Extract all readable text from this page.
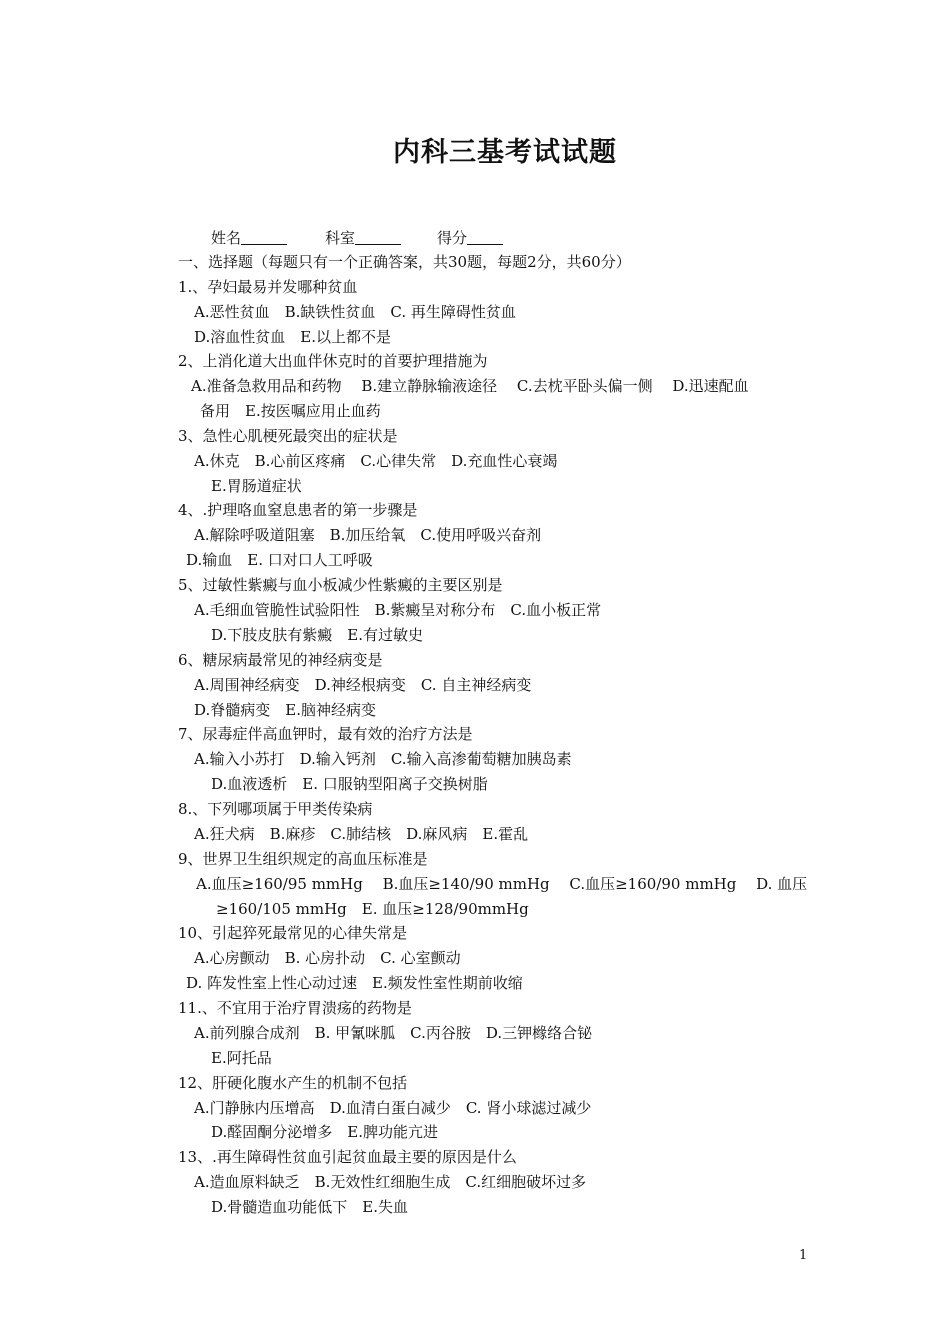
内科三基考试试题
姓名	科室	得分
一、选择题（每题只有一个正确答案，共30题，每题2分，共60分）
1.、孕妇最易并发哪种贫血
A.恶性贫血　B.缺铁性贫血　C. 再生障碍性贫血
D.溶血性贫血　E.以上都不是
2、上消化道大出血伴休克时的首要护理措施为
A.准备急救用品和药物　 B.建立静脉输液途径　 C.去枕平卧头偏一侧　 D.迅速配血
备用　E.按医嘱应用止血药
3、急性心肌梗死最突出的症状是
A.休克　B.心前区疼痛　C.心律失常　D.充血性心衰竭
E.胃肠道症状
4、.护理咯血窒息患者的第一步骤是
A.解除呼吸道阻塞　B.加压给氧　C.使用呼吸兴奋剂
D.输血　E. 口对口人工呼吸
5、过敏性紫癜与血小板减少性紫癜的主要区别是
A.毛细血管脆性试验阳性　B.紫癜呈对称分布　C.血小板正常
D.下肢皮肤有紫癜　E.有过敏史
6、糖尿病最常见的神经病变是
A.周围神经病变　D.神经根病变　C. 自主神经病变
D.脊髓病变　E.脑神经病变
7、尿毒症伴高血钾时，最有效的治疗方法是
A.输入小苏打　D.输入钙剂　C.输入高渗葡萄糖加胰岛素
D.血液透析　E. 口服钠型阳离子交换树脂
8.、下列哪项属于甲类传染病
A.狂犬病　B.麻疹　C.肺结核　D.麻风病　E.霍乱
9、世界卫生组织规定的高血压标准是
A.血压≥160/95 mmHg　 B.血压≥140/90 mmHg　 C.血压≥160/90 mmHg　 D. 血压
≥160/105 mmHg　E. 血压≥128/90mmHg
10、引起猝死最常见的心律失常是
A.心房颤动　B. 心房扑动　C. 心室颤动
D. 阵发性室上性心动过速　E.频发性室性期前收缩
11.、不宜用于治疗胃溃疡的药物是
A.前列腺合成剂　B. 甲氰咪胍　C.丙谷胺　D.三钾橼络合铋
E.阿托品
12、肝硬化腹水产生的机制不包括
A.门静脉内压增高　D.血清白蛋白减少　C. 肾小球滤过减少
D.醛固酮分泌增多　E.脾功能亢进
13、.再生障碍性贫血引起贫血最主要的原因是什么
A.造血原料缺乏　B.无效性红细胞生成　C.红细胞破坏过多
D.骨髓造血功能低下　E.失血
1
